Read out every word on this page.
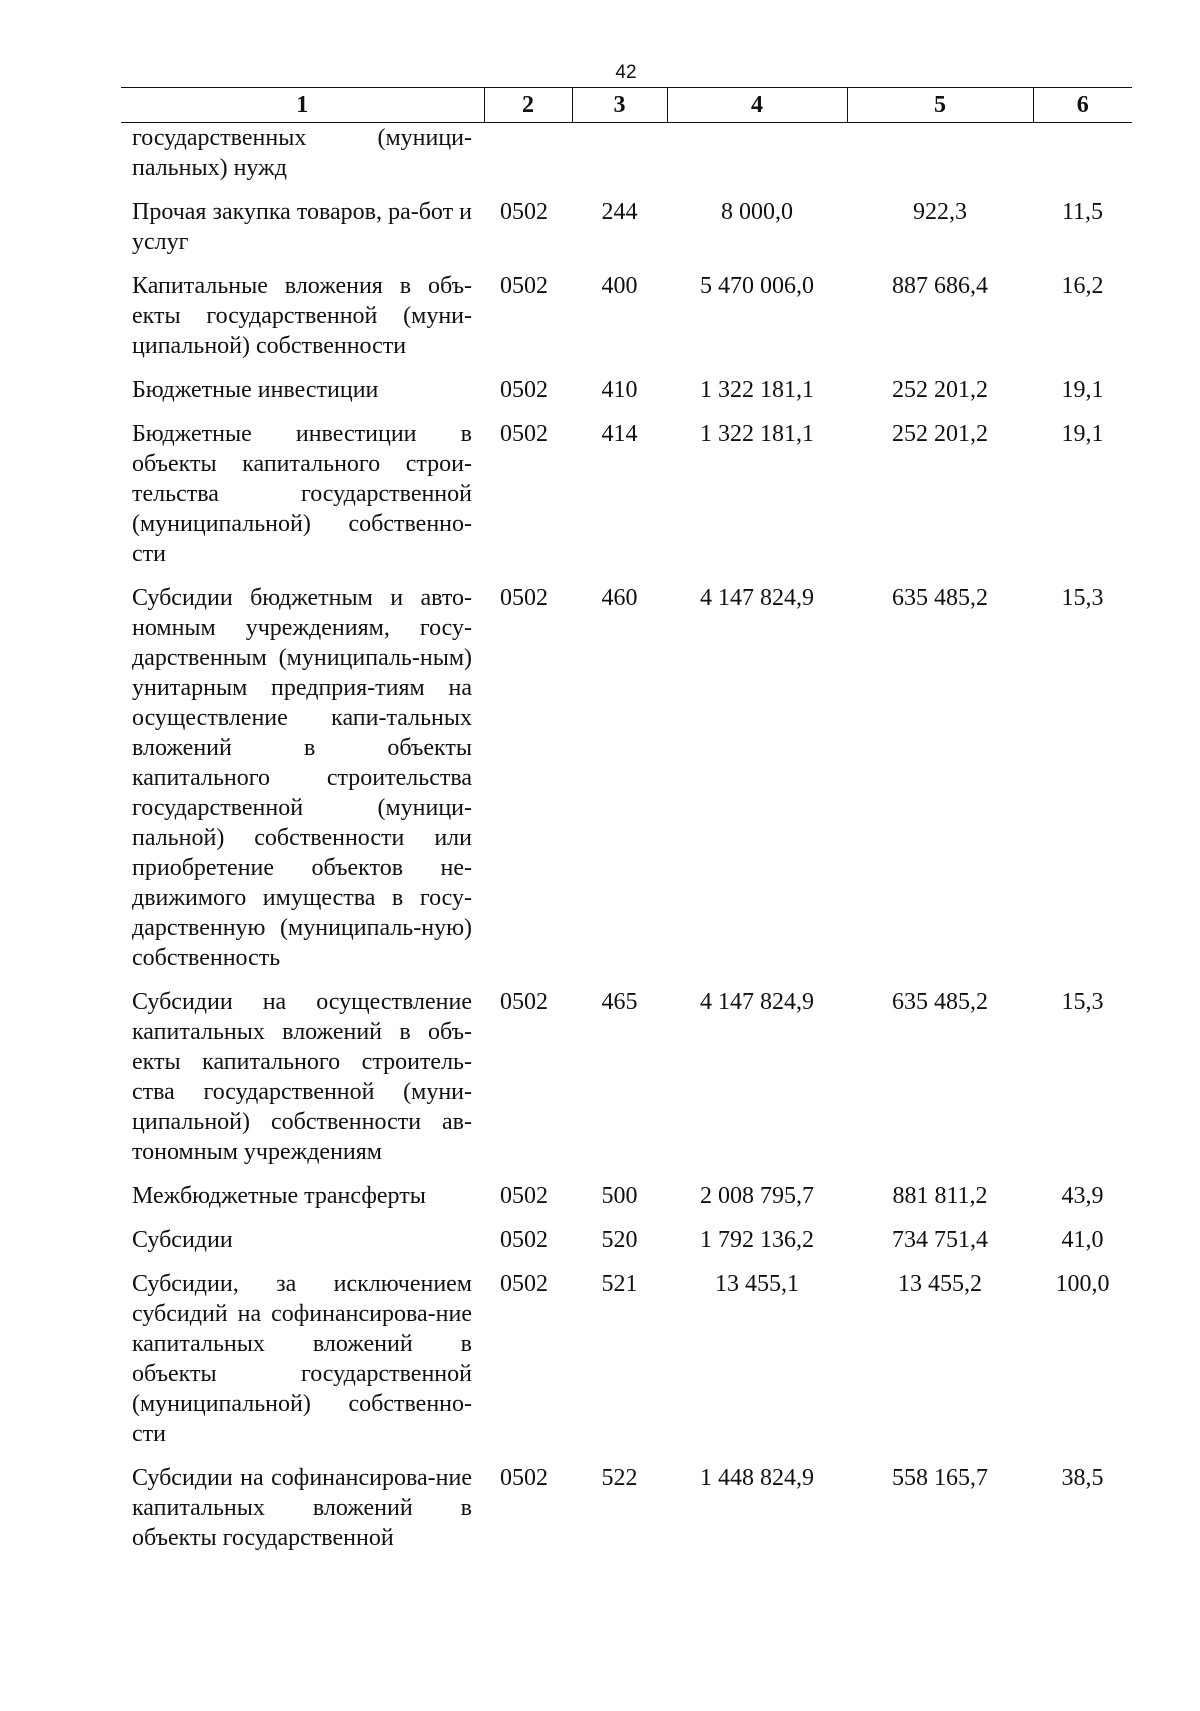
42
1	2	3	4	5	6
государственных (муници-пальных) нужд					
Прочая закупка товаров, ра-бот и услуг	0502	244	8 000,0	922,3	11,5
Капитальные вложения в объ-екты государственной (муни-ципальной) собственности	0502	400	5 470 006,0	887 686,4	16,2
Бюджетные инвестиции	0502	410	1 322 181,1	252 201,2	19,1
Бюджетные инвестиции в объекты капитального строи-тельства государственной (муниципальной) собственно-сти	0502	414	1 322 181,1	252 201,2	19,1
Субсидии бюджетным и авто-номным учреждениям, госу-дарственным (муниципаль-ным) унитарным предприя-тиям на осуществление капи-тальных вложений в объекты капитального строительства государственной (муници-пальной) собственности или приобретение объектов не-движимого имущества в госу-дарственную (муниципаль-ную) собственность	0502	460	4 147 824,9	635 485,2	15,3
Субсидии на осуществление капитальных вложений в объ-екты капитального строитель-ства государственной (муни-ципальной) собственности ав-тономным учреждениям	0502	465	4 147 824,9	635 485,2	15,3
Межбюджетные трансферты	0502	500	2 008 795,7	881 811,2	43,9
Субсидии	0502	520	1 792 136,2	734 751,4	41,0
Субсидии, за исключением субсидий на софинансирова-ние капитальных вложений в объекты государственной (муниципальной) собственно-сти	0502	521	13 455,1	13 455,2	100,0
Субсидии на софинансирова-ние капитальных вложений в объекты государственной	0502	522	1 448 824,9	558 165,7	38,5
